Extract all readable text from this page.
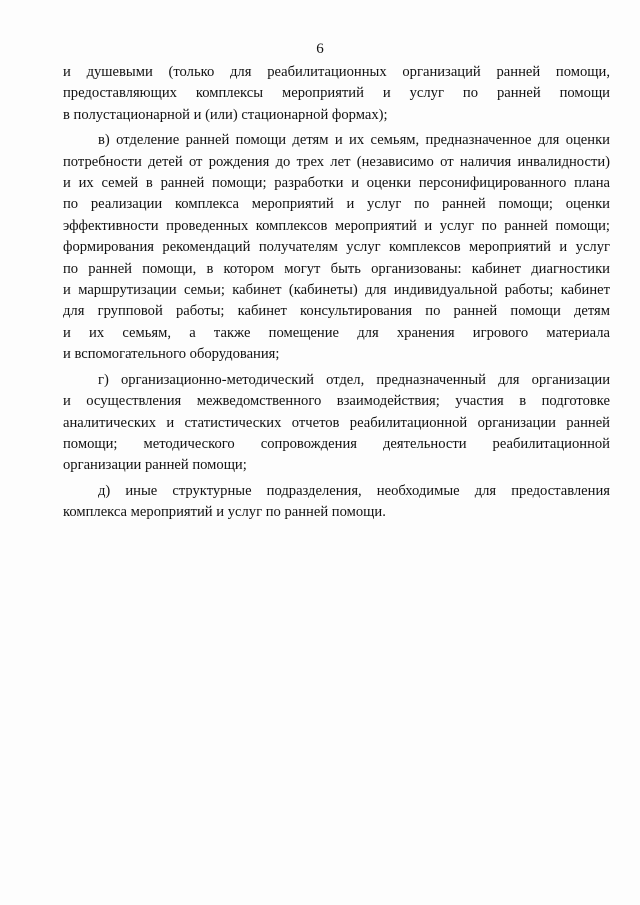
6

и душевыми (только для реабилитационных организаций ранней помощи,
предоставляющих комплексы мероприятий и услуг по ранней помощи
в полустационарной и (или) стационарной формах);

в) отделение ранней помощи детям и их семьям, предназначенное для оценки
потребности детей от рождения до трех лет (независимо от наличия инвалидности)
и их семей в ранней помощи; разработки и оценки персонифицированного плана
по реализации комплекса мероприятий и услуг по ранней помощи; оценки
эффективности проведенных комплексов мероприятий и услуг по ранней помощи;
формирования рекомендаций получателям услуг комплексов мероприятий и услуг
по ранней помощи, в котором могут быть организованы: кабинет диагностики
и маршрутизации семьи; кабинет (кабинеты) для индивидуальной работы; кабинет
для групповой работы; кабинет консультирования по ранней помощи детям
и их семьям, а также помещение для хранения игрового материала
и вспомогательного оборудования;

г) организационно-методический отдел, предназначенный для организации
и осуществления межведомственного взаимодействия; участия в подготовке
аналитических и статистических отчетов реабилитационной организации ранней
помощи; методического сопровождения деятельности реабилитационной
организации ранней помощи;

д) иные структурные подразделения, необходимые для предоставления
комплекса мероприятий и услуг по ранней помощи.
